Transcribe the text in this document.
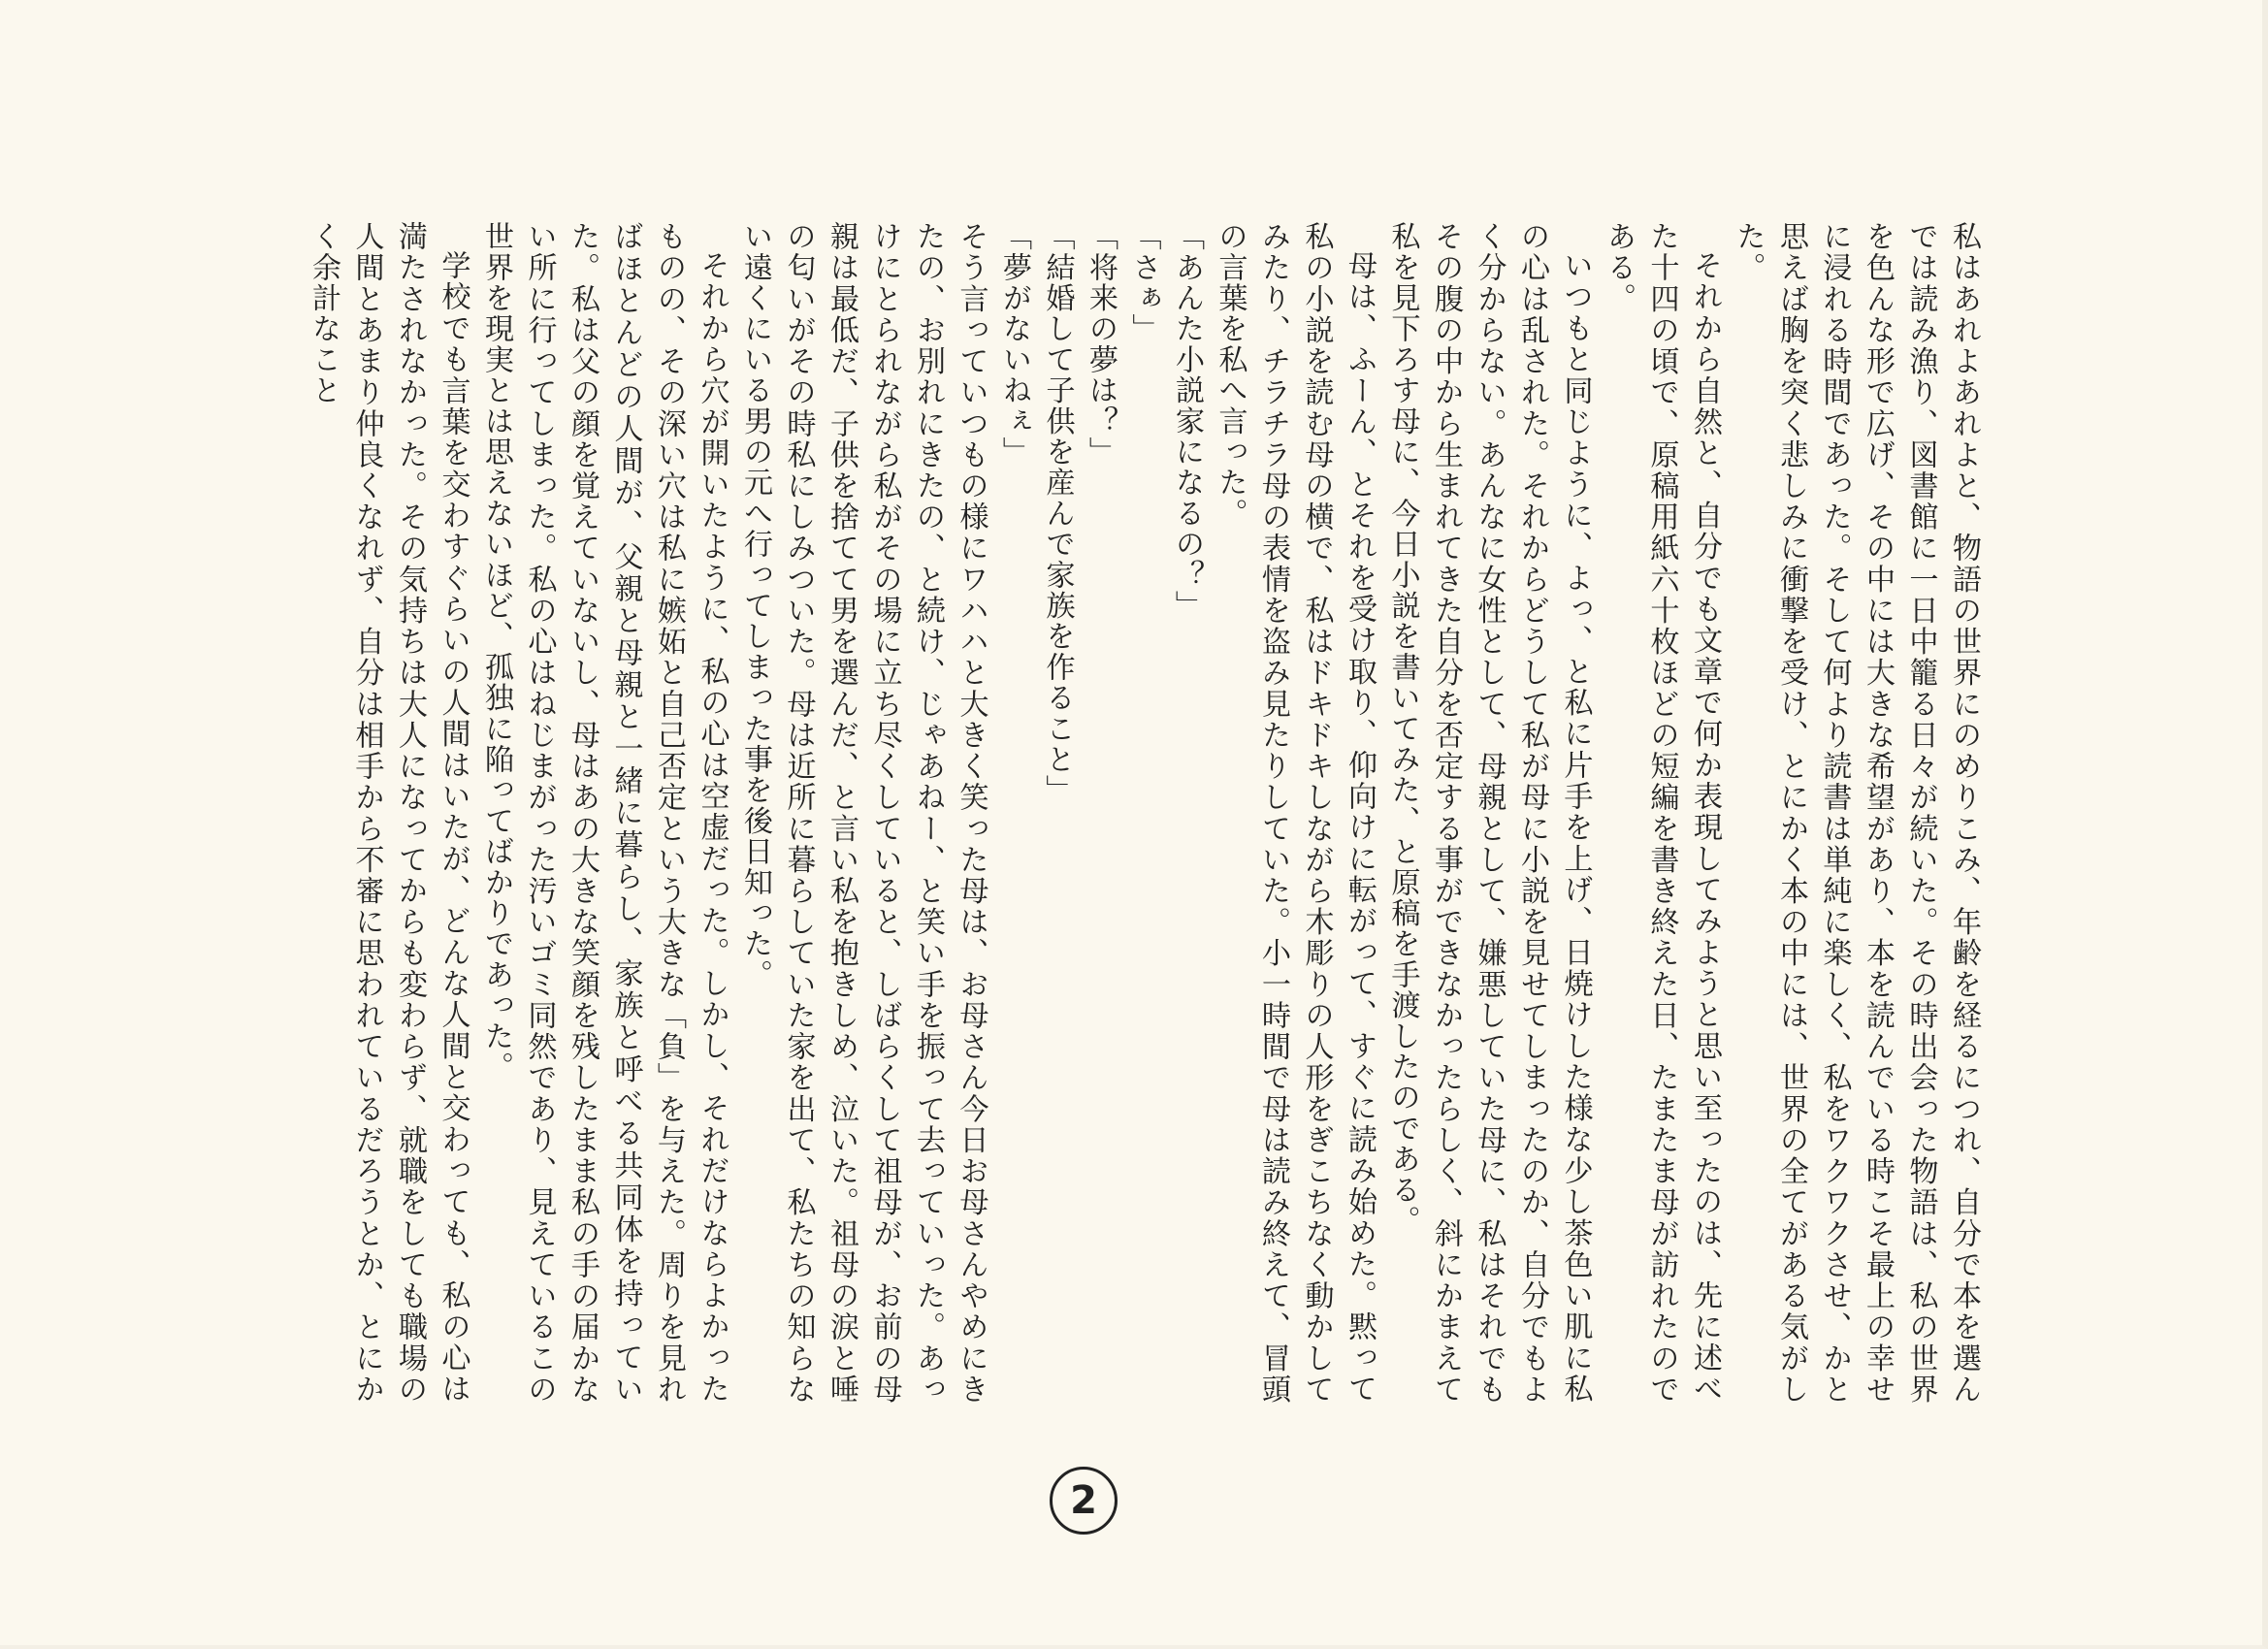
私はあれよあれよと、物語の世界にのめりこみ、年齢を経るにつれ、自分で本を選んでは読み漁り、図書館に一日中籠る日々が続いた。その時出会った物語は、私の世界を色んな形で広げ、その中には大きな希望があり、本を読んでいる時こそ最上の幸せに浸れる時間であった。そして何より読書は単純に楽しく、私をワクワクさせ、かと思えば胸を突く悲しみに衝撃を受け、とにかく本の中には、世界の全てがある気がした。

それから自然と、自分でも文章で何か表現してみようと思い至ったのは、先に述べた十四の頃で、原稿用紙六十枚ほどの短編を書き終えた日、たまたま母が訪れたのである。

いつもと同じように、よっ、と私に片手を上げ、日焼けした様な少し茶色い肌に私の心は乱された。それからどうして私が母に小説を見せてしまったのか、自分でもよく分からない。あんなに女性として、母親として、嫌悪していた母に、私はそれでもその腹の中から生まれてきた自分を否定する事ができなかったらしく、斜にかまえて私を見下ろす母に、今日小説を書いてみた、と原稿を手渡したのである。

母は、ふーん、とそれを受け取り、仰向けに転がって、すぐに読み始めた。黙って私の小説を読む母の横で、私はドキドキしながら木彫りの人形をぎこちなく動かしてみたり、チラチラ母の表情を盗み見たりしていた。小一時間で母は読み終えて、冒頭の言葉を私へ言った。

「あんた小説家になるの？」

「さぁ」

「将来の夢は？」

「結婚して子供を産んで家族を作ること」

「夢がないねぇ」

そう言っていつもの様にワハハと大きく笑った母は、お母さん今日お母さんやめにきたの、お別れにきたの、と続け、じゃあねー、と笑い手を振って去っていった。あっけにとられながら私がその場に立ち尽くしていると、しばらくして祖母が、お前の母親は最低だ、子供を捨てて男を選んだ、と言い私を抱きしめ、泣いた。祖母の涙と唾の匂いがその時私にしみついた。母は近所に暮らしていた家を出て、私たちの知らない遠くにいる男の元へ行ってしまった事を後日知った。

それから穴が開いたように、私の心は空虚だった。しかし、それだけならよかったものの、その深い穴は私に嫉妬と自己否定という大きな「負」を与えた。周りを見ればほとんどの人間が、父親と母親と一緒に暮らし、家族と呼べる共同体を持っていた。私は父の顔を覚えていないし、母はあの大きな笑顔を残したまま私の手の届かない所に行ってしまった。私の心はねじまがった汚いゴミ同然であり、見えているこの世界を現実とは思えないほど、孤独に陥ってばかりであった。

学校でも言葉を交わすぐらいの人間はいたが、どんな人間と交わっても、私の心は満たされなかった。その気持ちは大人になってからも変わらず、就職をしても職場の人間とあまり仲良くなれず、自分は相手から不審に思われているだろうとか、とにかく余計なこと

2
